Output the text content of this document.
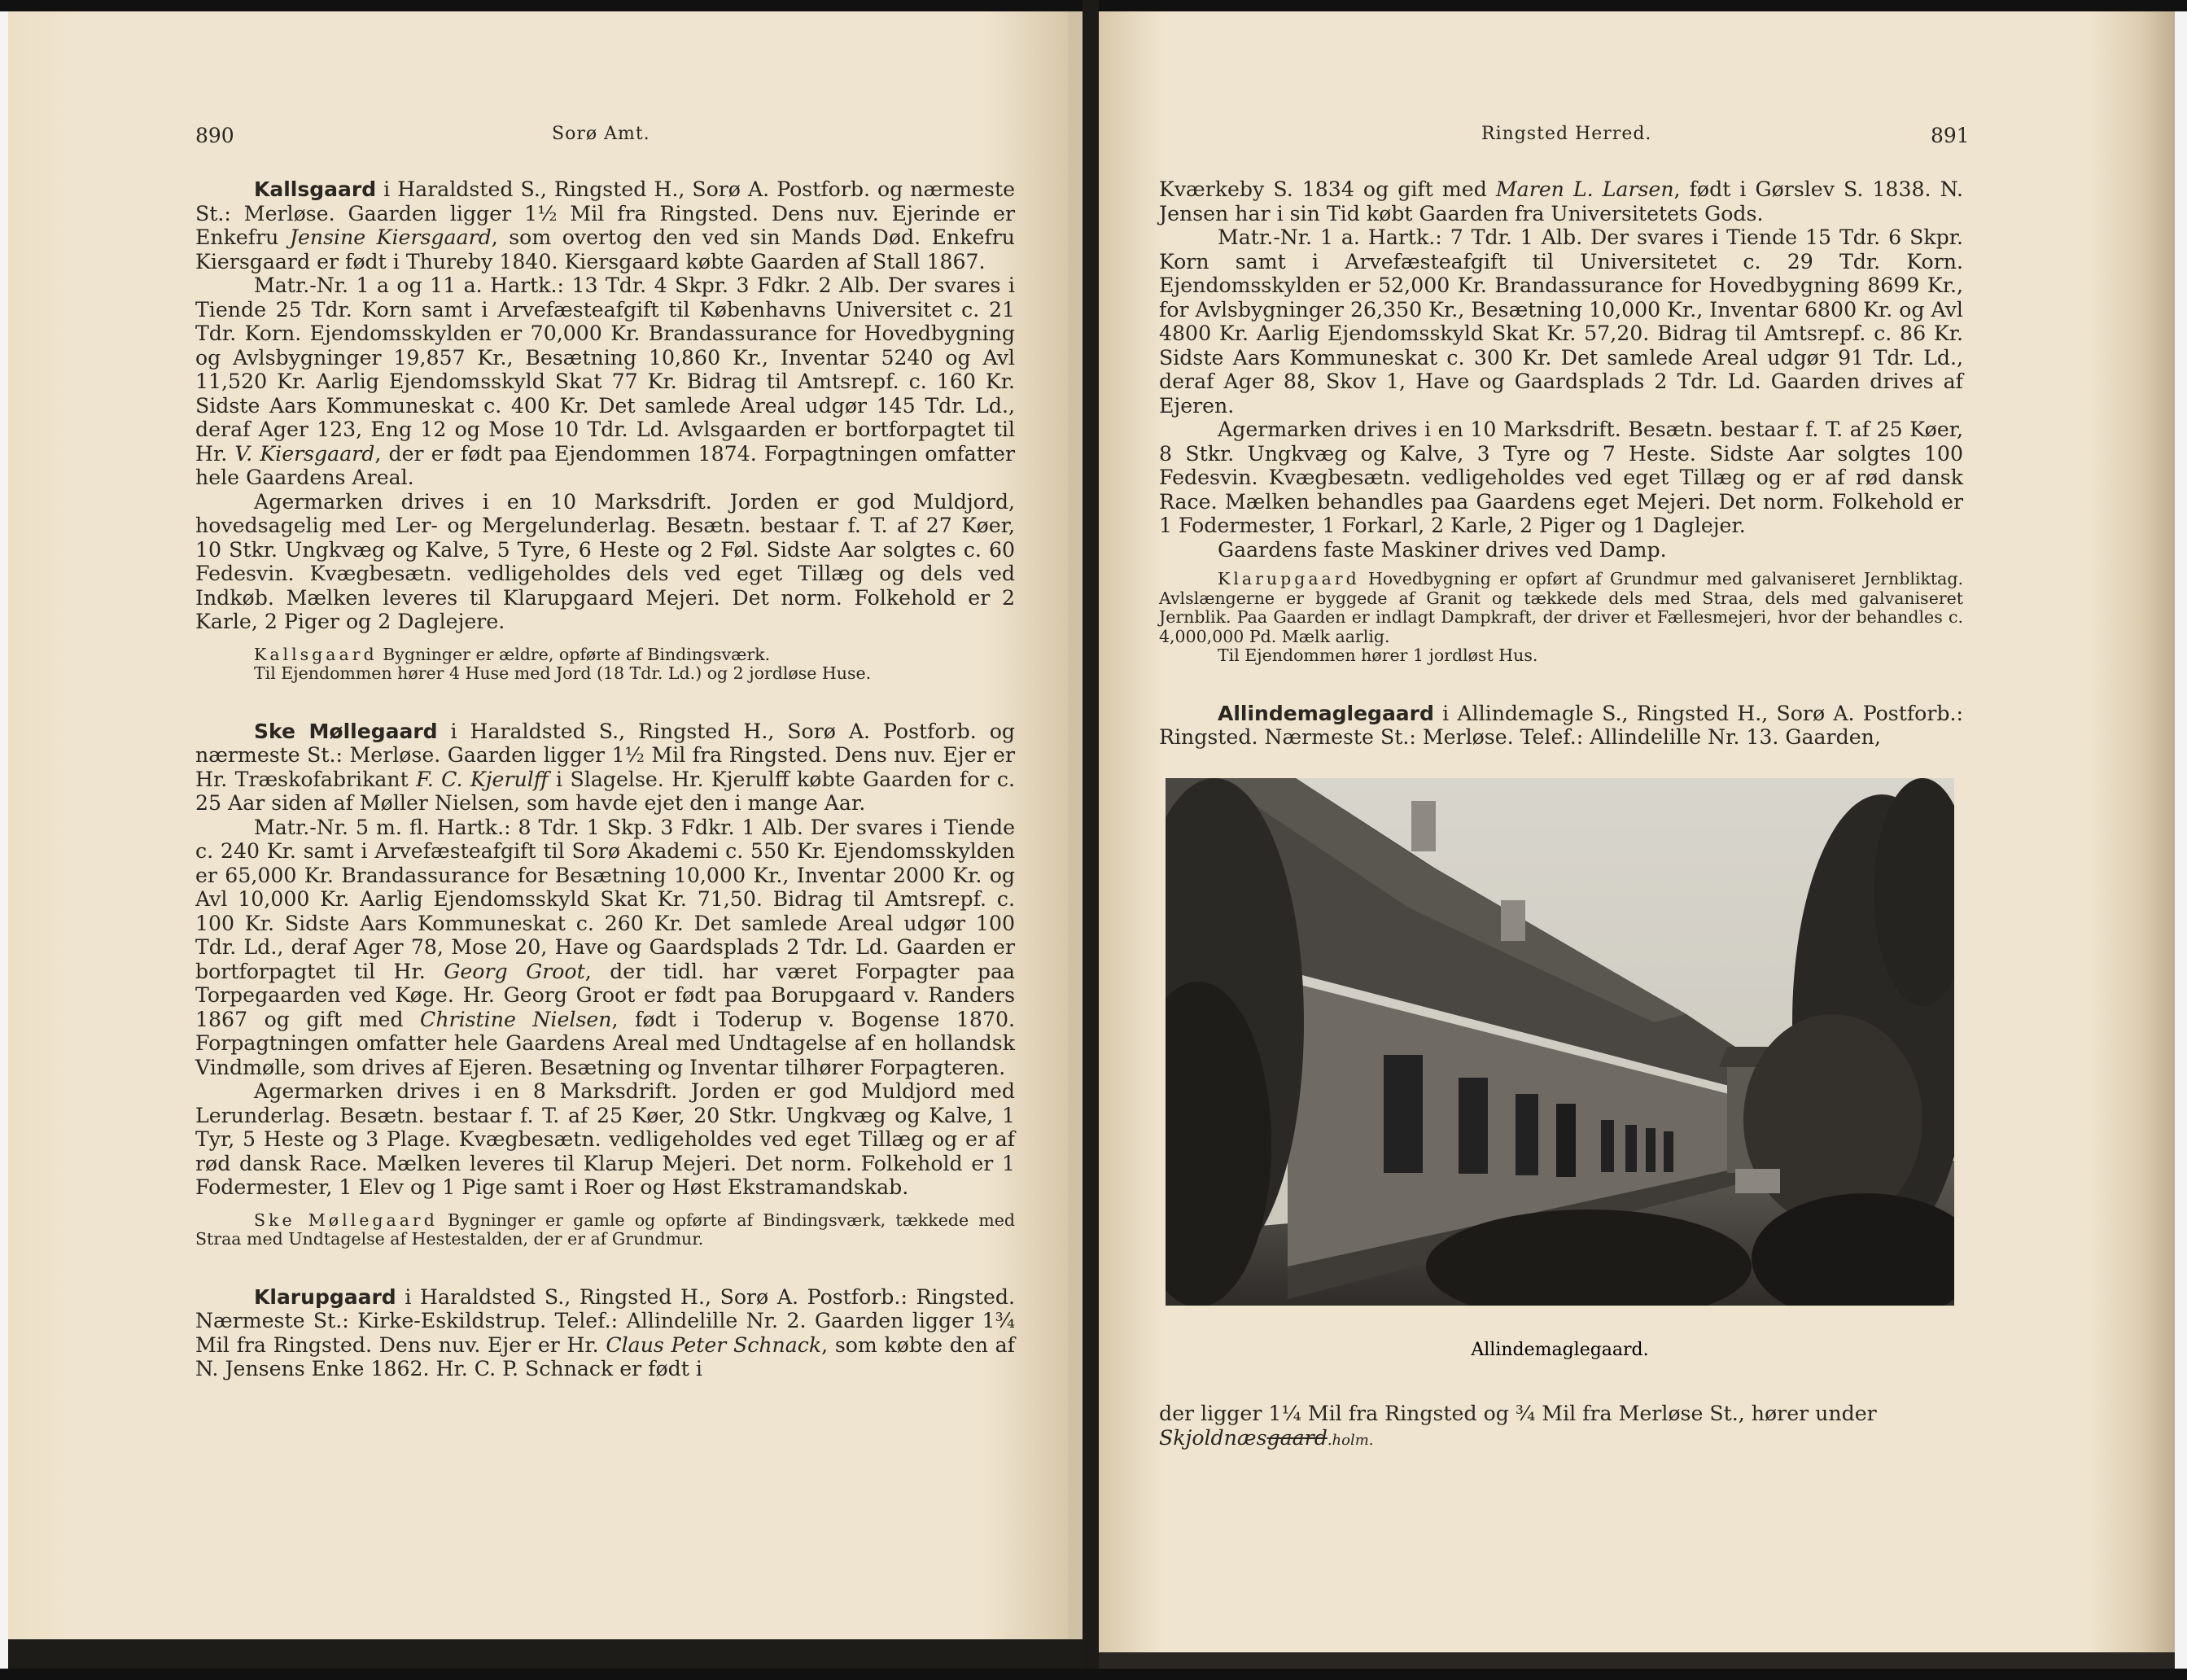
890	Sorø Amt.

Kallsgaard i Haraldsted S., Ringsted H., Sorø A. Postforb. og nærmeste St.: Merløse. Gaarden ligger 1½ Mil fra Ringsted. Dens nuv. Ejerinde er Enkefru Jensine Kiersgaard, som overtog den ved sin Mands Død. Enkefru Kiersgaard er født i Thureby 1840. Kiersgaard købte Gaarden af Stall 1867.

Matr.-Nr. 1 a og 11 a. Hartk.: 13 Tdr. 4 Skpr. 3 Fdkr. 2 Alb. Der svares i Tiende 25 Tdr. Korn samt i Arvefæsteafgift til Københavns Universitet c. 21 Tdr. Korn. Ejendomsskylden er 70,000 Kr. Brandassurance for Hovedbygning og Avlsbygninger 19,857 Kr., Besætning 10,860 Kr., Inventar 5240 og Avl 11,520 Kr. Aarlig Ejendomsskyld Skat 77 Kr. Bidrag til Amtsrepf. c. 160 Kr. Sidste Aars Kommuneskat c. 400 Kr. Det samlede Areal udgør 145 Tdr. Ld., deraf Ager 123, Eng 12 og Mose 10 Tdr. Ld. Avlsgaarden er bortforpagtet til Hr. V. Kiersgaard, der er født paa Ejendommen 1874. Forpagtningen omfatter hele Gaardens Areal.

Agermarken drives i en 10 Marksdrift. Jorden er god Muldjord, hovedsagelig med Ler- og Mergelunderlag. Besætn. bestaar f. T. af 27 Køer, 10 Stkr. Ungkvæg og Kalve, 5 Tyre, 6 Heste og 2 Føl. Sidste Aar solgtes c. 60 Fedesvin. Kvægbesætn. vedligeholdes dels ved eget Tillæg og dels ved Indkøb. Mælken leveres til Klarupgaard Mejeri. Det norm. Folkehold er 2 Karle, 2 Piger og 2 Daglejere.

Kallsgaard Bygninger er ældre, opførte af Bindingsværk.

Til Ejendommen hører 4 Huse med Jord (18 Tdr. Ld.) og 2 jordløse Huse.

Ske Møllegaard i Haraldsted S., Ringsted H., Sorø A. Postforb. og nærmeste St.: Merløse. Gaarden ligger 1½ Mil fra Ringsted. Dens nuv. Ejer er Hr. Træskofabrikant F. C. Kjerulff i Slagelse. Hr. Kjerulff købte Gaarden for c. 25 Aar siden af Møller Nielsen, som havde ejet den i mange Aar.

Matr.-Nr. 5 m. fl. Hartk.: 8 Tdr. 1 Skp. 3 Fdkr. 1 Alb. Der svares i Tiende c. 240 Kr. samt i Arvefæsteafgift til Sorø Akademi c. 550 Kr. Ejendomsskylden er 65,000 Kr. Brandassurance for Besætning 10,000 Kr., Inventar 2000 Kr. og Avl 10,000 Kr. Aarlig Ejendomsskyld Skat Kr. 71,50. Bidrag til Amtsrepf. c. 100 Kr. Sidste Aars Kommuneskat c. 260 Kr. Det samlede Areal udgør 100 Tdr. Ld., deraf Ager 78, Mose 20, Have og Gaardsplads 2 Tdr. Ld. Gaarden er bortforpagtet til Hr. Georg Groot, der tidl. har været Forpagter paa Torpegaarden ved Køge. Hr. Georg Groot er født paa Borupgaard v. Randers 1867 og gift med Christine Nielsen, født i Toderup v. Bogense 1870. Forpagtningen omfatter hele Gaardens Areal med Undtagelse af en hollandsk Vindmølle, som drives af Ejeren. Besætning og Inventar tilhører Forpagteren.

Agermarken drives i en 8 Marksdrift. Jorden er god Muldjord med Lerunderlag. Besætn. bestaar f. T. af 25 Køer, 20 Stkr. Ungkvæg og Kalve, 1 Tyr, 5 Heste og 3 Plage. Kvægbesætn. vedligeholdes ved eget Tillæg og er af rød dansk Race. Mælken leveres til Klarup Mejeri. Det norm. Folkehold er 1 Fodermester, 1 Elev og 1 Pige samt i Roer og Høst Ekstramandskab.

Ske Møllegaard Bygninger er gamle og opførte af Bindingsværk, tækkede med Straa med Undtagelse af Hestestalden, der er af Grundmur.

Klarupgaard i Haraldsted S., Ringsted H., Sorø A. Postforb.: Ringsted. Nærmeste St.: Kirke-Eskildstrup. Telef.: Allindelille Nr. 2. Gaarden ligger 1¾ Mil fra Ringsted. Dens nuv. Ejer er Hr. Claus Peter Schnack, som købte den af N. Jensens Enke 1862. Hr. C. P. Schnack er født i

Ringsted Herred.	891

Kværkeby S. 1834 og gift med Maren L. Larsen, født i Gørslev S. 1838. N. Jensen har i sin Tid købt Gaarden fra Universitetets Gods.

Matr.-Nr. 1 a. Hartk.: 7 Tdr. 1 Alb. Der svares i Tiende 15 Tdr. 6 Skpr. Korn samt i Arvefæsteafgift til Universitetet c. 29 Tdr. Korn. Ejendomsskylden er 52,000 Kr. Brandassurance for Hovedbygning 8699 Kr., for Avlsbygninger 26,350 Kr., Besætning 10,000 Kr., Inventar 6800 Kr. og Avl 4800 Kr. Aarlig Ejendomsskyld Skat Kr. 57,20. Bidrag til Amtsrepf. c. 86 Kr. Sidste Aars Kommuneskat c. 300 Kr. Det samlede Areal udgør 91 Tdr. Ld., deraf Ager 88, Skov 1, Have og Gaardsplads 2 Tdr. Ld. Gaarden drives af Ejeren.

Agermarken drives i en 10 Marksdrift. Besætn. bestaar f. T. af 25 Køer, 8 Stkr. Ungkvæg og Kalve, 3 Tyre og 7 Heste. Sidste Aar solgtes 100 Fedesvin. Kvægbesætn. vedligeholdes ved eget Tillæg og er af rød dansk Race. Mælken behandles paa Gaardens eget Mejeri. Det norm. Folkehold er 1 Fodermester, 1 Forkarl, 2 Karle, 2 Piger og 1 Daglejer.

Gaardens faste Maskiner drives ved Damp.

Klarupgaard Hovedbygning er opført af Grundmur med galvaniseret Jernbliktag. Avlslængerne er byggede af Granit og tækkede dels med Straa, dels med galvaniseret Jernblik. Paa Gaarden er indlagt Dampkraft, der driver et Fællesmejeri, hvor der behandles c. 4,000,000 Pd. Mælk aarlig.

Til Ejendommen hører 1 jordløst Hus.

Allindemaglegaard i Allindemagle S., Ringsted H., Sorø A. Postforb.: Ringsted. Nærmeste St.: Merløse. Telef.: Allindelille Nr. 13. Gaarden,

der ligger 1¼ Mil fra Ringsted og ¾ Mil fra Merløse St., hører under

Skjoldnæsgaard.holm.

Allindemaglegaard.
